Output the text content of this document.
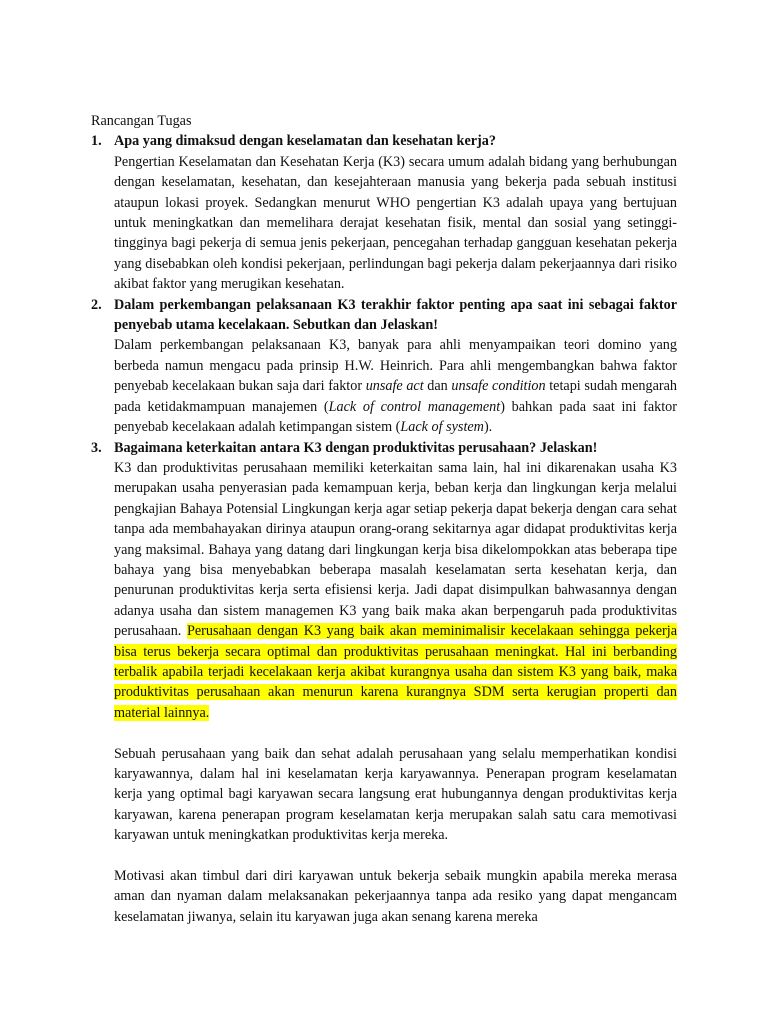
Rancangan Tugas
1. Apa yang dimaksud dengan keselamatan dan kesehatan kerja?
Pengertian Keselamatan dan Kesehatan Kerja (K3) secara umum adalah bidang yang berhubungan dengan keselamatan, kesehatan, dan kesejahteraan manusia yang bekerja pada sebuah institusi ataupun lokasi proyek. Sedangkan menurut WHO pengertian K3 adalah upaya yang bertujuan untuk meningkatkan dan memelihara derajat kesehatan fisik, mental dan sosial yang setinggi-tingginya bagi pekerja di semua jenis pekerjaan, pencegahan terhadap gangguan kesehatan pekerja yang disebabkan oleh kondisi pekerjaan, perlindungan bagi pekerja dalam pekerjaannya dari risiko akibat faktor yang merugikan kesehatan.
2. Dalam perkembangan pelaksanaan K3 terakhir faktor penting apa saat ini sebagai faktor penyebab utama kecelakaan. Sebutkan dan Jelaskan!
Dalam perkembangan pelaksanaan K3, banyak para ahli menyampaikan teori domino yang berbeda namun mengacu pada prinsip H.W. Heinrich. Para ahli mengembangkan bahwa faktor penyebab kecelakaan bukan saja dari faktor unsafe act dan unsafe condition tetapi sudah mengarah pada ketidakmampuan manajemen (Lack of control management) bahkan pada saat ini faktor penyebab kecelakaan adalah ketimpangan sistem (Lack of system).
3. Bagaimana keterkaitan antara K3 dengan produktivitas perusahaan? Jelaskan!
K3 dan produktivitas perusahaan memiliki keterkaitan sama lain, hal ini dikarenakan usaha K3 merupakan usaha penyerasian pada kemampuan kerja, beban kerja dan lingkungan kerja melalui pengkajian Bahaya Potensial Lingkungan kerja agar setiap pekerja dapat bekerja dengan cara sehat tanpa ada membahayakan dirinya ataupun orang-orang sekitarnya agar didapat produktivitas kerja yang maksimal. Bahaya yang datang dari lingkungan kerja bisa dikelompokkan atas beberapa tipe bahaya yang bisa menyebabkan beberapa masalah keselamatan serta kesehatan kerja, dan penurunan produktivitas kerja serta efisiensi kerja. Jadi dapat disimpulkan bahwasannya dengan adanya usaha dan sistem managemen K3 yang baik maka akan berpengaruh pada produktivitas perusahaan. Perusahaan dengan K3 yang baik akan meminimalisir kecelakaan sehingga pekerja bisa terus bekerja secara optimal dan produktivitas perusahaan meningkat. Hal ini berbanding terbalik apabila terjadi kecelakaan kerja akibat kurangnya usaha dan sistem K3 yang baik, maka produktivitas perusahaan akan menurun karena kurangnya SDM serta kerugian properti dan material lainnya.
Sebuah perusahaan yang baik dan sehat adalah perusahaan yang selalu memperhatikan kondisi karyawannya, dalam hal ini keselamatan kerja karyawannya. Penerapan program keselamatan kerja yang optimal bagi karyawan secara langsung erat hubungannya dengan produktivitas kerja karyawan, karena penerapan program keselamatan kerja merupakan salah satu cara memotivasi karyawan untuk meningkatkan produktivitas kerja mereka.
Motivasi akan timbul dari diri karyawan untuk bekerja sebaik mungkin apabila mereka merasa aman dan nyaman dalam melaksanakan pekerjaannya tanpa ada resiko yang dapat mengancam keselamatan jiwanya, selain itu karyawan juga akan senang karena mereka
